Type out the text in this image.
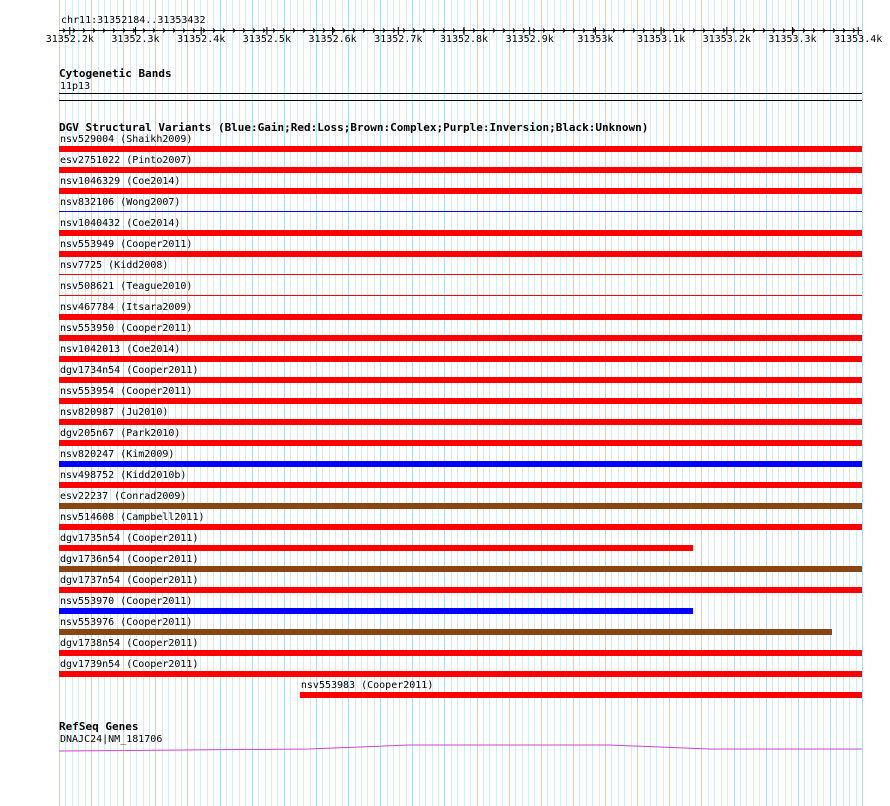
chr11:31352184..31353432
31352.2k 31352.3k 31352.4k 31352.5k 31352.6k 31352.7k 31352.8k 31352.9k 31353k 31353.1k 31353.2k 31353.3k 31353.4k
Cytogenetic Bands
11p13
DGV Structural Variants (Blue:Gain;Red:Loss;Brown:Complex;Purple:Inversion;Black:Unknown)
nsv529004 (Shaikh2009)
esv2751022 (Pinto2007)
nsv1046329 (Coe2014)
nsv832106 (Wong2007)
nsv1040432 (Coe2014)
nsv553949 (Cooper2011)
nsv7725 (Kidd2008)
nsv508621 (Teague2010)
nsv467784 (Itsara2009)
nsv553950 (Cooper2011)
nsv1042013 (Coe2014)
dgv1734n54 (Cooper2011)
nsv553954 (Cooper2011)
nsv820987 (Ju2010)
dgv205n67 (Park2010)
nsv820247 (Kim2009)
nsv498752 (Kidd2010b)
esv22237 (Conrad2009)
nsv514608 (Campbell2011)
dgv1735n54 (Cooper2011)
dgv1736n54 (Cooper2011)
dgv1737n54 (Cooper2011)
nsv553970 (Cooper2011)
nsv553976 (Cooper2011)
dgv1738n54 (Cooper2011)
dgv1739n54 (Cooper2011)
nsv553983 (Cooper2011)
RefSeq Genes
DNAJC24|NM_181706
